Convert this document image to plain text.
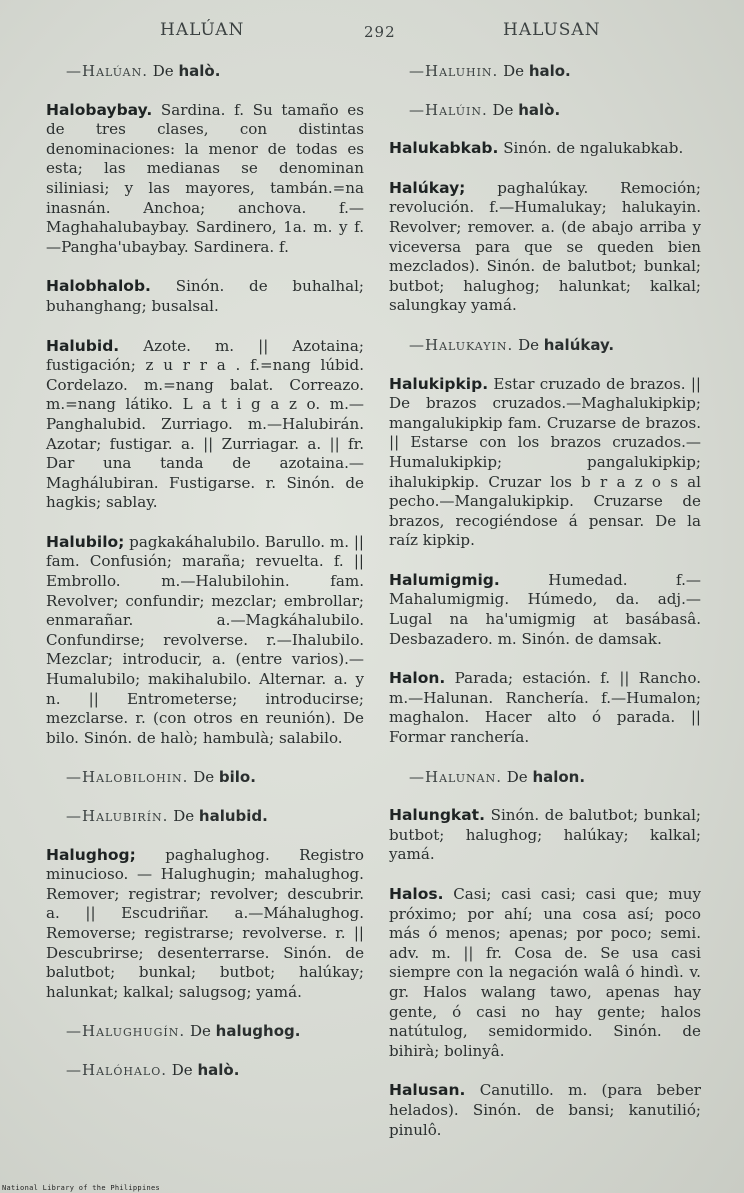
HALÚAN	292	HALUSAN
—Halúan. De halò.
Halobaybay. Sardina. f. Su tamaño es de tres clases, con distintas denominaciones: la menor de todas es esta; las medianas se denominan siliniasi; y las mayores, tambán.=na inasnán. Anchoa; anchova. f.—Maghahalubaybay. Sardinero, 1a. m. y f.—Pangha'ubaybay. Sardinera. f.
Halobhalob. Sinón. de buhalhal; buhanghang; busalsal.
Halubid. Azote. m. || Azotaina; fustigación; z u r r a . f.=nang lúbid. Cordelazo. m.=nang balat. Correazo. m.=nang látiko. L a t i g a z o. m.—Panghalubid. Zurriago. m.—Halubirán. Azotar; fustigar. a. || Zurriagar. a. || fr. Dar una tanda de azotaina.—Maghálubiran. Fustigarse. r. Sinón. de hagkis; sablay.
Halubilo; pagkakáhalubilo. Barullo. m. || fam. Confusión; maraña; revuelta. f. || Embrollo. m.—Halubilohin. fam. Revolver; confundir; mezclar; embrollar; enmarañar. a.—Magkáhalubilo. Confundirse; revolverse. r.—Ihalubilo. Mezclar; introducir, a. (entre varios).—Humalubilo; makihalubilo. Alternar. a. y n. || Entrometerse; introducirse; mezclarse. r. (con otros en reunión). De bilo. Sinón. de halò; hambulà; salabilo.
—Halobilohin. De bilo.
—Halubirín. De halubid.
Halughog; paghalughog. Registro minucioso. — Halughugin; mahalughog. Remover; registrar; revolver; descubrir. a. || Escudriñar. a.—Máhalughog. Removerse; registrarse; revolverse. r. || Descubrirse; desenterrarse. Sinón. de balutbot; bunkal; butbot; halúkay; halunkat; kalkal; salugsog; yamá.
—Halughugín. De halughog.
—Halóhalo. De halò.
—Haluhin. De halo.
—Halúin. De halò.
Halukabkab. Sinón. de ngalukabkab.
Halúkay; paghalúkay. Remoción; revolución. f.—Humalukay; halukayin. Revolver; remover. a. (de abajo arriba y viceversa para que se queden bien mezclados). Sinón. de balutbot; bunkal; butbot; halughog; halunkat; kalkal; salungkay yamá.
—Halukayin. De halúkay.
Halukipkip. Estar cruzado de brazos. || De brazos cruzados.—Maghalukipkip; mangalukipkip fam. Cruzarse de brazos. || Estarse con los brazos cruzados.—Humalukipkip; pangalukipkip; ihalukipkip. Cruzar los b r a z o s al pecho.—Mangalukipkip. Cruzarse de brazos, recogiéndose á pensar. De la raíz kipkip.
Halumigmig.	Humedad. f.—Mahalumigmig. Húmedo, da. adj.—Lugal na ha'umigmig at basábasâ. Desbazadero. m. Sinón. de damsak.
Halon. Parada; estación. f. || Rancho. m.—Halunan. Ranchería. f.—Humalon; maghalon. Hacer alto ó parada. || Formar ranchería.
—Halunan. De halon.
Halungkat. Sinón. de balutbot; bunkal; butbot; halughog; halúkay; kalkal; yamá.
Halos. Casi; casi casi; casi que; muy próximo; por ahí; una cosa así; poco más ó menos; apenas; por poco; semi. adv. m. || fr. Cosa de. Se usa casi siempre con la negación walâ ó hindì. v. gr. Halos walang tawo, apenas hay gente, ó casi no hay gente; halos natútulog, semidormido. Sinón. de bihirà; bolinyâ.
Halusan. Canutillo. m. (para beber helados). Sinón. de bansi; kanutilió; pinulô.
National Library of the Philippines
